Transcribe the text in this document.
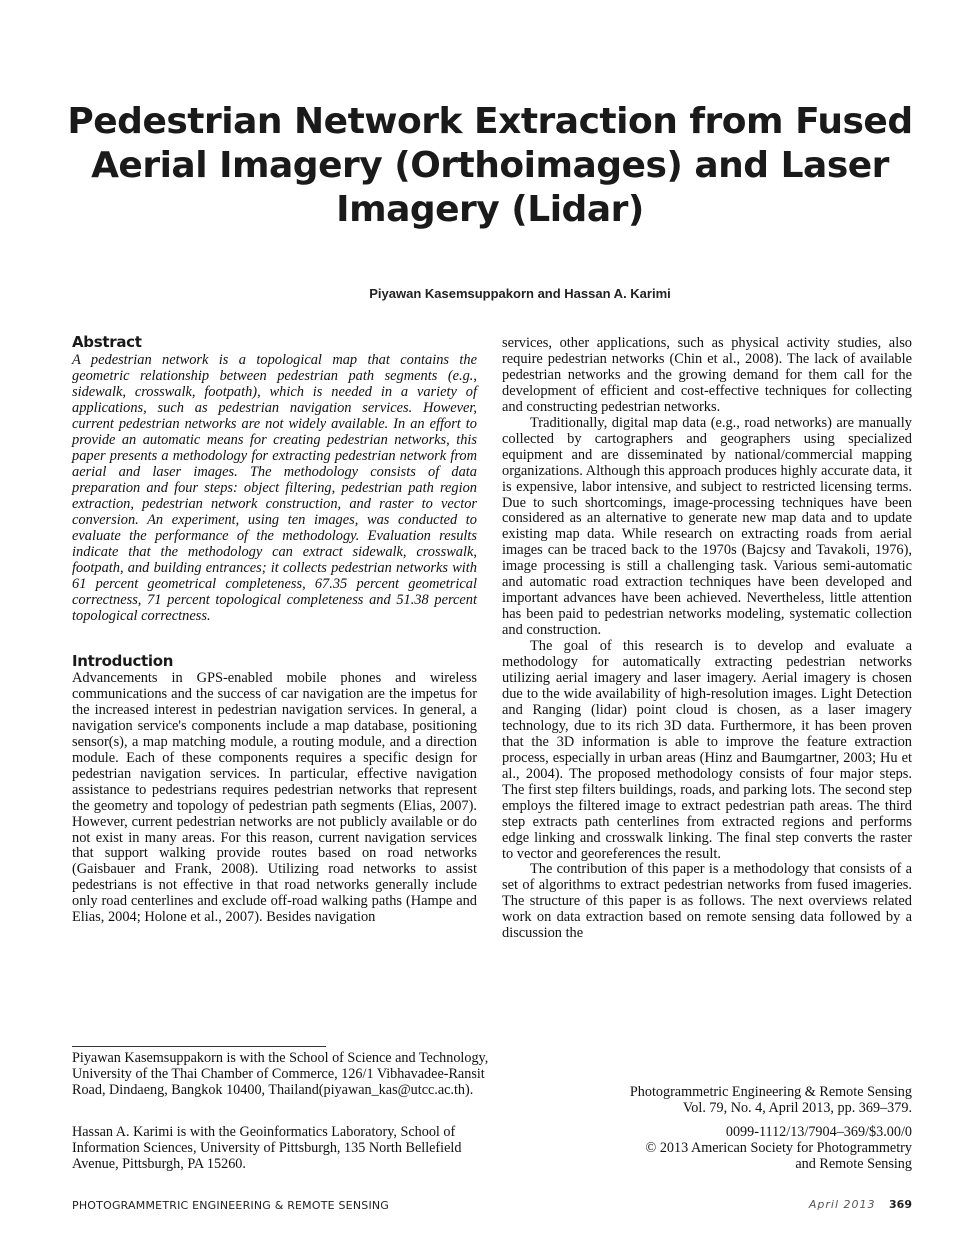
Pedestrian Network Extraction from Fused
Aerial Imagery (Orthoimages) and Laser
Imagery (Lidar)
Piyawan Kasemsuppakorn and Hassan A. Karimi
Abstract

A pedestrian network is a topological map that contains the geometric relationship between pedestrian path segments (e.g., sidewalk, crosswalk, footpath), which is needed in a variety of applications, such as pedestrian navigation services. However, current pedestrian networks are not widely available. In an effort to provide an automatic means for creating pedestrian networks, this paper presents a methodology for extracting pedestrian network from aerial and laser images. The methodology consists of data preparation and four steps: object filtering, pedestrian path region extraction, pedestrian network construction, and raster to vector conversion. An experiment, using ten images, was conducted to evaluate the performance of the methodology. Evaluation results indicate that the methodology can extract sidewalk, crosswalk, footpath, and building entrances; it collects pedestrian networks with 61 percent geometrical completeness, 67.35 percent geometrical correctness, 71 percent topological completeness and 51.38 percent topological correctness.

Introduction

Advancements in GPS-enabled mobile phones and wireless communications and the success of car navigation are the impetus for the increased interest in pedestrian navigation services. In general, a navigation service's components include a map database, positioning sensor(s), a map matching module, a routing module, and a direction module. Each of these components requires a specific design for pedestrian navigation services. In particular, effective navigation assistance to pedestrians requires pedestrian networks that represent the geometry and topology of pedestrian path segments (Elias, 2007). However, current pedestrian networks are not publicly available or do not exist in many areas. For this reason, current navigation services that support walking provide routes based on road networks (Gaisbauer and Frank, 2008). Utilizing road networks to assist pedestrians is not effective in that road networks generally include only road centerlines and exclude off-road walking paths (Hampe and Elias, 2004; Holone et al., 2007). Besides navigation

services, other applications, such as physical activity studies, also require pedestrian networks (Chin et al., 2008). The lack of available pedestrian networks and the growing demand for them call for the development of efficient and cost-effective techniques for collecting and constructing pedestrian networks.

Traditionally, digital map data (e.g., road networks) are manually collected by cartographers and geographers using specialized equipment and are disseminated by national/commercial mapping organizations. Although this approach produces highly accurate data, it is expensive, labor intensive, and subject to restricted licensing terms. Due to such shortcomings, image-processing techniques have been considered as an alternative to generate new map data and to update existing map data. While research on extracting roads from aerial images can be traced back to the 1970s (Bajcsy and Tavakoli, 1976), image processing is still a challenging task. Various semi-automatic and automatic road extraction techniques have been developed and important advances have been achieved. Nevertheless, little attention has been paid to pedestrian networks modeling, systematic collection and construction.

The goal of this research is to develop and evaluate a methodology for automatically extracting pedestrian networks utilizing aerial imagery and laser imagery. Aerial imagery is chosen due to the wide availability of high-resolution images. Light Detection and Ranging (lidar) point cloud is chosen, as a laser imagery technology, due to its rich 3D data. Furthermore, it has been proven that the 3D information is able to improve the feature extraction process, especially in urban areas (Hinz and Baumgartner, 2003; Hu et al., 2004). The proposed methodology consists of four major steps. The first step filters buildings, roads, and parking lots. The second step employs the filtered image to extract pedestrian path areas. The third step extracts path centerlines from extracted regions and performs edge linking and crosswalk linking. The final step converts the raster to vector and georeferences the result.

The contribution of this paper is a methodology that consists of a set of algorithms to extract pedestrian networks from fused imageries. The structure of this paper is as follows. The next overviews related work on data extraction based on remote sensing data followed by a discussion the

Piyawan Kasemsuppakorn is with the School of Science and Technology, University of the Thai Chamber of Commerce, 126/1 Vibhavadee-Ransit Road, Dindaeng, Bangkok 10400, Thailand(piyawan_kas@utcc.ac.th).

Hassan A. Karimi is with the Geoinformatics Laboratory, School of Information Sciences, University of Pittsburgh, 135 North Bellefield Avenue, Pittsburgh, PA 15260.

Photogrammetric Engineering & Remote Sensing
Vol. 79, No. 4, April 2013, pp. 369–379.
0099-1112/13/7904–369/$3.00/0
© 2013 American Society for Photogrammetry
and Remote Sensing
PHOTOGRAMMETRIC ENGINEERING & REMOTE SENSING	April 2013 369
